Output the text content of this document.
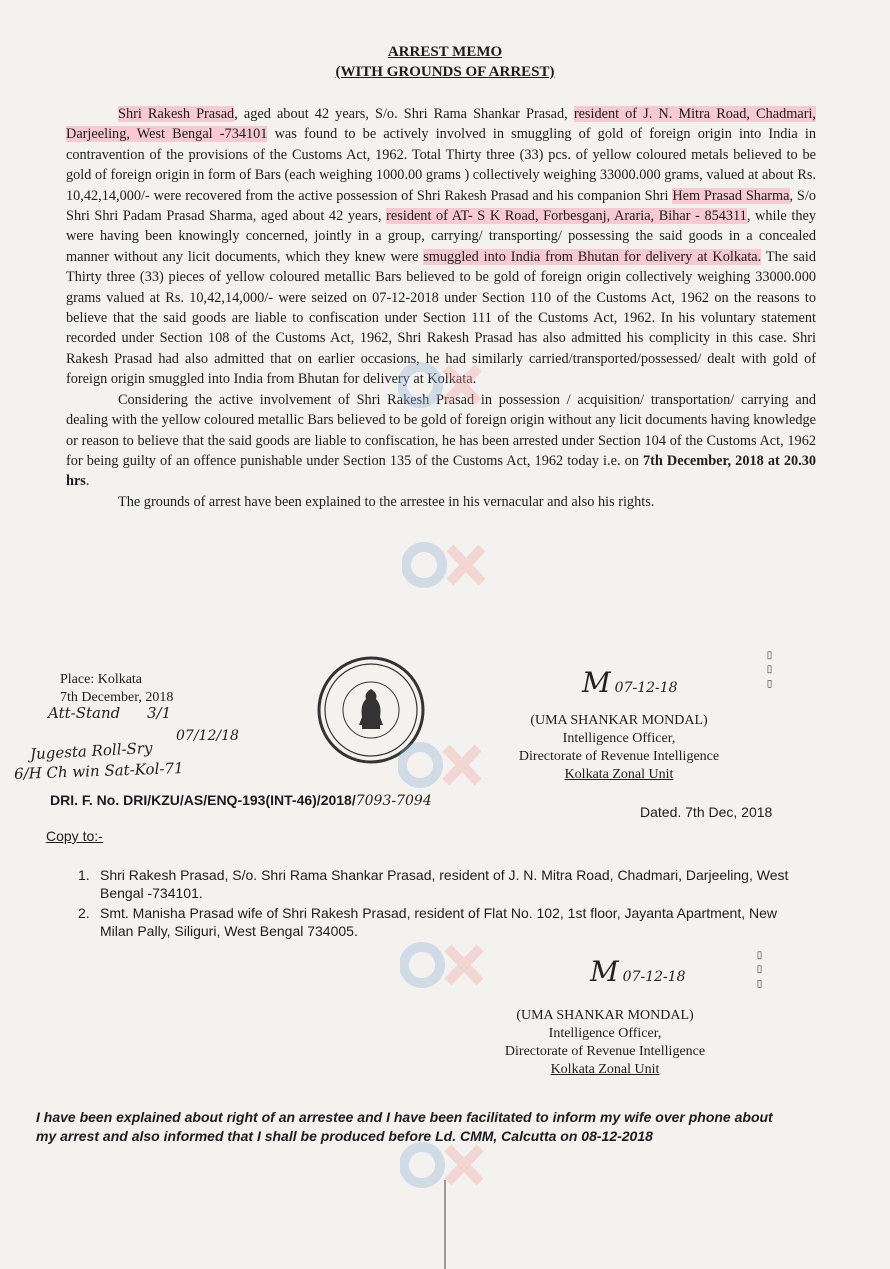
ARREST MEMO
(WITH GROUNDS OF ARREST)

Shri Rakesh Prasad, aged about 42 years, S/o. Shri Rama Shankar Prasad, resident of J. N. Mitra Road, Chadmari, Darjeeling, West Bengal -734101 was found to be actively involved in smuggling of gold of foreign origin into India in contravention of the provisions of the Customs Act, 1962. Total Thirty three (33) pcs. of yellow coloured metals believed to be gold of foreign origin in form of Bars (each weighing 1000.00 grams ) collectively weighing 33000.000 grams, valued at about Rs. 10,42,14,000/- were recovered from the active possession of Shri Rakesh Prasad and his companion Shri Hem Prasad Sharma, S/o Shri Shri Padam Prasad Sharma, aged about 42 years, resident of AT- S K Road, Forbesganj, Araria, Bihar - 854311, while they were having been knowingly concerned, jointly in a group, carrying/ transporting/ possessing the said goods in a concealed manner without any licit documents, which they knew were smuggled into India from Bhutan for delivery at Kolkata. The said Thirty three (33) pieces of yellow coloured metallic Bars believed to be gold of foreign origin collectively weighing 33000.000 grams valued at Rs. 10,42,14,000/- were seized on 07-12-2018 under Section 110 of the Customs Act, 1962 on the reasons to believe that the said goods are liable to confiscation under Section 111 of the Customs Act, 1962. In his voluntary statement recorded under Section 108 of the Customs Act, 1962, Shri Rakesh Prasad has also admitted his complicity in this case. Shri Rakesh Prasad had also admitted that on earlier occasions, he had similarly carried/transported/possessed/ dealt with gold of foreign origin smuggled into India from Bhutan for delivery at Kolkata.

Considering the active involvement of Shri Rakesh Prasad in possession / acquisition/ transportation/ carrying and dealing with the yellow coloured metallic Bars believed to be gold of foreign origin without any licit documents having knowledge or reason to believe that the said goods are liable to confiscation, he has been arrested under Section 104 of the Customs Act, 1962 for being guilty of an offence punishable under Section 135 of the Customs Act, 1962 today i.e. on 7th December, 2018 at 20.30 hrs.

The grounds of arrest have been explained to the arrestee in his vernacular and also his rights.

Place: Kolkata
7th December, 2018
Att-Stand 3/1
07/12/18
Jugesta Roll-Sry
6/H Ch win Sat-Kol-71
M 07-12-18
(UMA SHANKAR MONDAL)
Intelligence Officer,
Directorate of Revenue Intelligence
Kolkata Zonal Unit
DRI. F. No. DRI/KZU/AS/ENQ-193(INT-46)/2018/7093-7094
Dated. 7th Dec, 2018
Copy to:-
1. Shri Rakesh Prasad, S/o. Shri Rama Shankar Prasad, resident of J. N. Mitra Road, Chadmari, Darjeeling, West Bengal -734101.
2. Smt. Manisha Prasad wife of Shri Rakesh Prasad, resident of Flat No. 102, 1st floor, Jayanta Apartment, New Milan Pally, Siliguri, West Bengal 734005.
M 07-12-18
(UMA SHANKAR MONDAL)
Intelligence Officer,
Directorate of Revenue Intelligence
Kolkata Zonal Unit
I have been explained about right of an arrestee and I have been facilitated to inform my wife over phone about my arrest and also informed that I shall be produced before Ld. CMM, Calcutta on 08-12-2018
▯ ▯ ▯
▯ ▯ ▯
